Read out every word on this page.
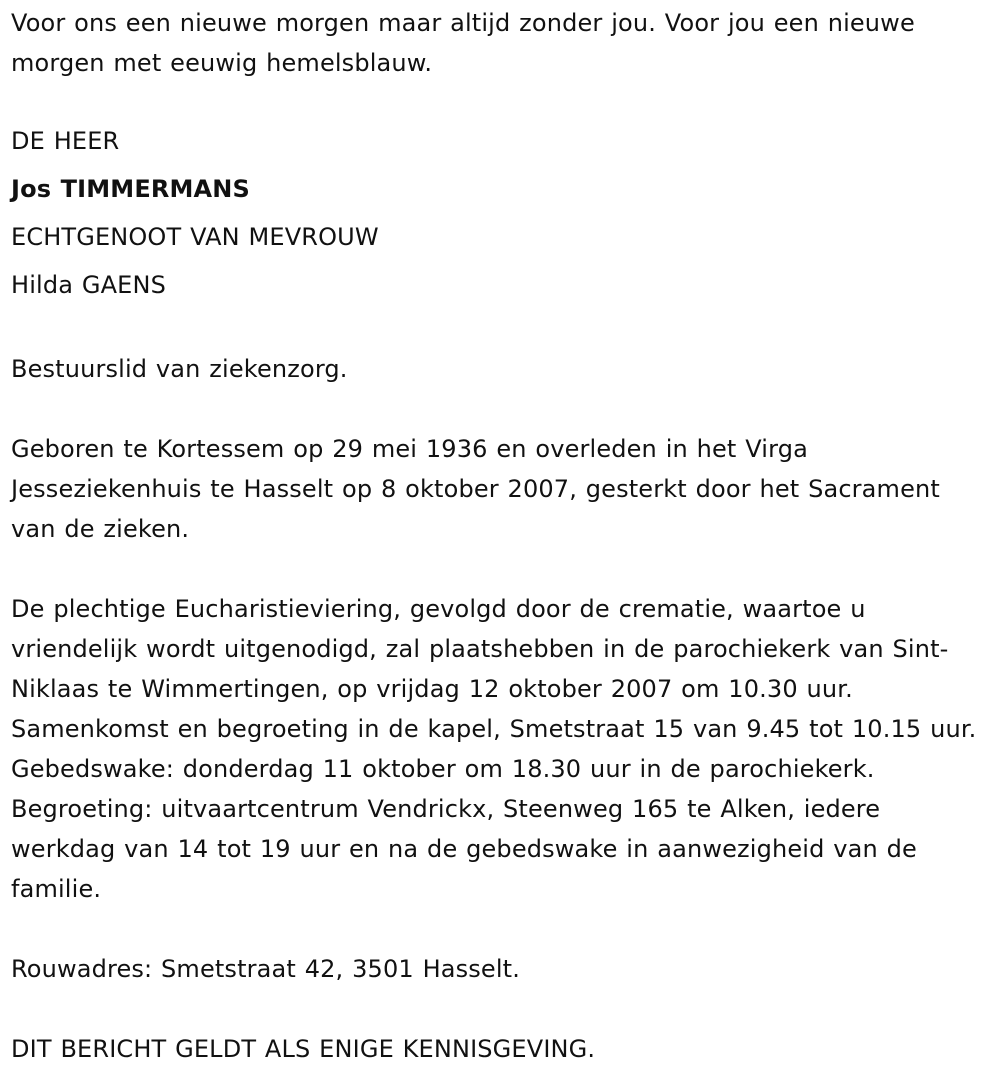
Voor ons een nieuwe morgen maar altijd zonder jou. Voor jou een nieuwe morgen met eeuwig hemelsblauw.

DE HEER

Jos TIMMERMANS

ECHTGENOOT VAN MEVROUW

Hilda GAENS

Bestuurslid van ziekenzorg.

Geboren te Kortessem op 29 mei 1936 en overleden in het Virga Jesseziekenhuis te Hasselt op 8 oktober 2007, gesterkt door het Sacrament van de zieken.

De plechtige Eucharistieviering, gevolgd door de crematie, waartoe u vriendelijk wordt uitgenodigd, zal plaatshebben in de parochiekerk van Sint-Niklaas te Wimmertingen, op vrijdag 12 oktober 2007 om 10.30 uur. Samenkomst en begroeting in de kapel, Smetstraat 15 van 9.45 tot 10.15 uur. Gebedswake: donderdag 11 oktober om 18.30 uur in de parochiekerk. Begroeting: uitvaartcentrum Vendrickx, Steenweg 165 te Alken, iedere werkdag van 14 tot 19 uur en na de gebedswake in aanwezigheid van de familie.

Rouwadres: Smetstraat 42, 3501 Hasselt.

DIT BERICHT GELDT ALS ENIGE KENNISGEVING.
